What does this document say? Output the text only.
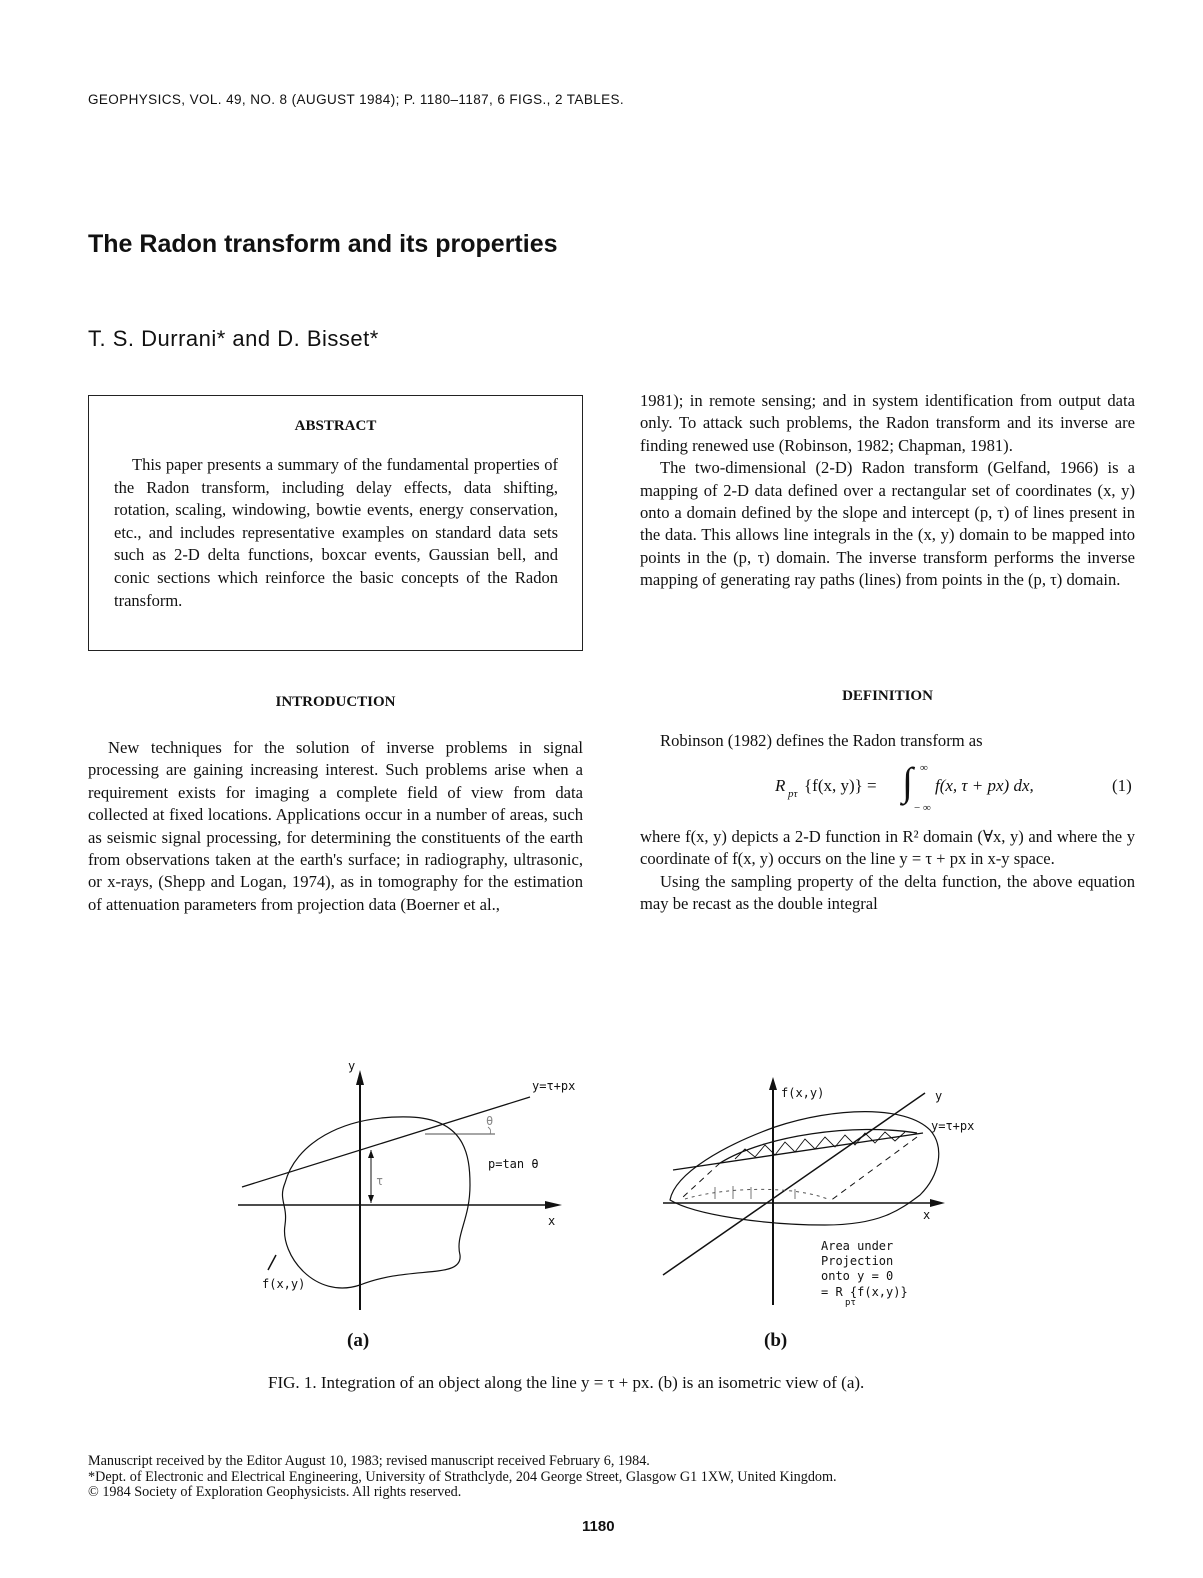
GEOPHYSICS, VOL. 49, NO. 8 (AUGUST 1984); P. 1180–1187, 6 FIGS., 2 TABLES.
The Radon transform and its properties
T. S. Durrani* and D. Bisset*
ABSTRACT
This paper presents a summary of the fundamental properties of the Radon transform, including delay effects, data shifting, rotation, scaling, windowing, bowtie events, energy conservation, etc., and includes representative examples on standard data sets such as 2-D delta functions, boxcar events, Gaussian bell, and conic sections which reinforce the basic concepts of the Radon transform.
INTRODUCTION

New techniques for the solution of inverse problems in signal processing are gaining increasing interest. Such problems arise when a requirement exists for imaging a complete field of view from data collected at fixed locations. Applications occur in a number of areas, such as seismic signal processing, for determining the constituents of the earth from observations taken at the earth's surface; in radiography, ultrasonic, or x-rays, (Shepp and Logan, 1974), as in tomography for the estimation of attenuation parameters from projection data (Boerner et al.,

1981); in remote sensing; and in system identification from output data only. To attack such problems, the Radon transform and its inverse are finding renewed use (Robinson, 1982; Chapman, 1981).

The two-dimensional (2-D) Radon transform (Gelfand, 1966) is a mapping of 2-D data defined over a rectangular set of coordinates (x, y) onto a domain defined by the slope and intercept (p, τ) of lines present in the data. This allows line integrals in the (x, y) domain to be mapped into points in the (p, τ) domain. The inverse transform performs the inverse mapping of generating ray paths (lines) from points in the (p, τ) domain.

DEFINITION

Robinson (1982) defines the Radon transform as

R pτ {f(x, y)} = ∫ ∞
− ∞
f(x, τ + px) dx,	(1)

where f(x, y) depicts a 2-D function in R² domain (∀x, y) and where the y coordinate of f(x, y) occurs on the line y = τ + px in x-y space.

Using the sampling property of the delta function, the above equation may be recast as the double integral

y
x
y=τ+px
θ
p=tan θ
τ
f(x,y)
f(x,y)	y
y=τ+px
x
Area under
Projection
onto y = 0
= R {f(x,y)}
pτ
(a)	(b)
FIG. 1. Integration of an object along the line y = τ + px. (b) is an isometric view of (a).
Manuscript received by the Editor August 10, 1983; revised manuscript received February 6, 1984.
*Dept. of Electronic and Electrical Engineering, University of Strathclyde, 204 George Street, Glasgow G1 1XW, United Kingdom.
© 1984 Society of Exploration Geophysicists. All rights reserved.
1180
